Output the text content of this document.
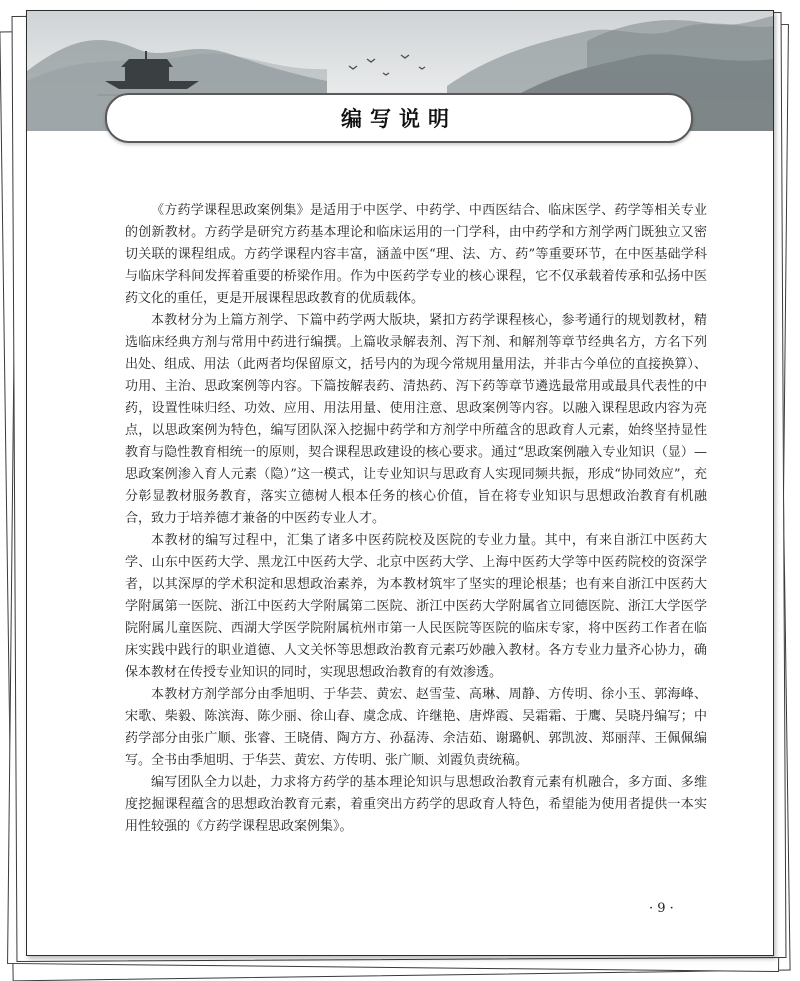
编写说明

《方药学课程思政案例集》是适用于中医学、中药学、中西医结合、临床医学、药学等相关专业的创新教材。方药学是研究方药基本理论和临床运用的一门学科，由中药学和方剂学两门既独立又密切关联的课程组成。方药学课程内容丰富，涵盖中医“理、法、方、药”等重要环节，在中医基础学科与临床学科间发挥着重要的桥梁作用。作为中医药学专业的核心课程，它不仅承载着传承和弘扬中医药文化的重任，更是开展课程思政教育的优质载体。

本教材分为上篇方剂学、下篇中药学两大版块，紧扣方药学课程核心，参考通行的规划教材，精选临床经典方剂与常用中药进行编撰。上篇收录解表剂、泻下剂、和解剂等章节经典名方，方名下列出处、组成、用法（此两者均保留原文，括号内的为现今常规用量用法，并非古今单位的直接换算）、功用、主治、思政案例等内容。下篇按解表药、清热药、泻下药等章节遴选最常用或最具代表性的中药，设置性味归经、功效、应用、用法用量、使用注意、思政案例等内容。以融入课程思政内容为亮点，以思政案例为特色，编写团队深入挖掘中药学和方剂学中所蕴含的思政育人元素，始终坚持显性教育与隐性教育相统一的原则，契合课程思政建设的核心要求。通过“思政案例融入专业知识（显）—思政案例渗入育人元素（隐）”这一模式，让专业知识与思政育人实现同频共振，形成“协同效应”，充分彰显教材服务教育，落实立德树人根本任务的核心价值，旨在将专业知识与思想政治教育有机融合，致力于培养德才兼备的中医药专业人才。

本教材的编写过程中，汇集了诸多中医药院校及医院的专业力量。其中，有来自浙江中医药大学、山东中医药大学、黑龙江中医药大学、北京中医药大学、上海中医药大学等中医药院校的资深学者，以其深厚的学术积淀和思想政治素养，为本教材筑牢了坚实的理论根基；也有来自浙江中医药大学附属第一医院、浙江中医药大学附属第二医院、浙江中医药大学附属省立同德医院、浙江大学医学院附属儿童医院、西湖大学医学院附属杭州市第一人民医院等医院的临床专家，将中医药工作者在临床实践中践行的职业道德、人文关怀等思想政治教育元素巧妙融入教材。各方专业力量齐心协力，确保本教材在传授专业知识的同时，实现思想政治教育的有效渗透。

本教材方剂学部分由季旭明、于华芸、黄宏、赵雪莹、高琳、周静、方传明、徐小玉、郭海峰、宋歌、柴毅、陈滨海、陈少丽、徐山春、虞念成、许继艳、唐烨霞、吴霜霜、于鹰、吴晓丹编写；中药学部分由张广顺、张睿、王晓倩、陶方方、孙磊涛、余洁茹、谢璐帆、郭凯波、郑丽萍、王佩佩编写。全书由季旭明、于华芸、黄宏、方传明、张广顺、刘霞负责统稿。

编写团队全力以赴，力求将方药学的基本理论知识与思想政治教育元素有机融合，多方面、多维度挖掘课程蕴含的思想政治教育元素，着重突出方药学的思政育人特色，希望能为使用者提供一本实用性较强的《方药学课程思政案例集》。

· 9 ·
